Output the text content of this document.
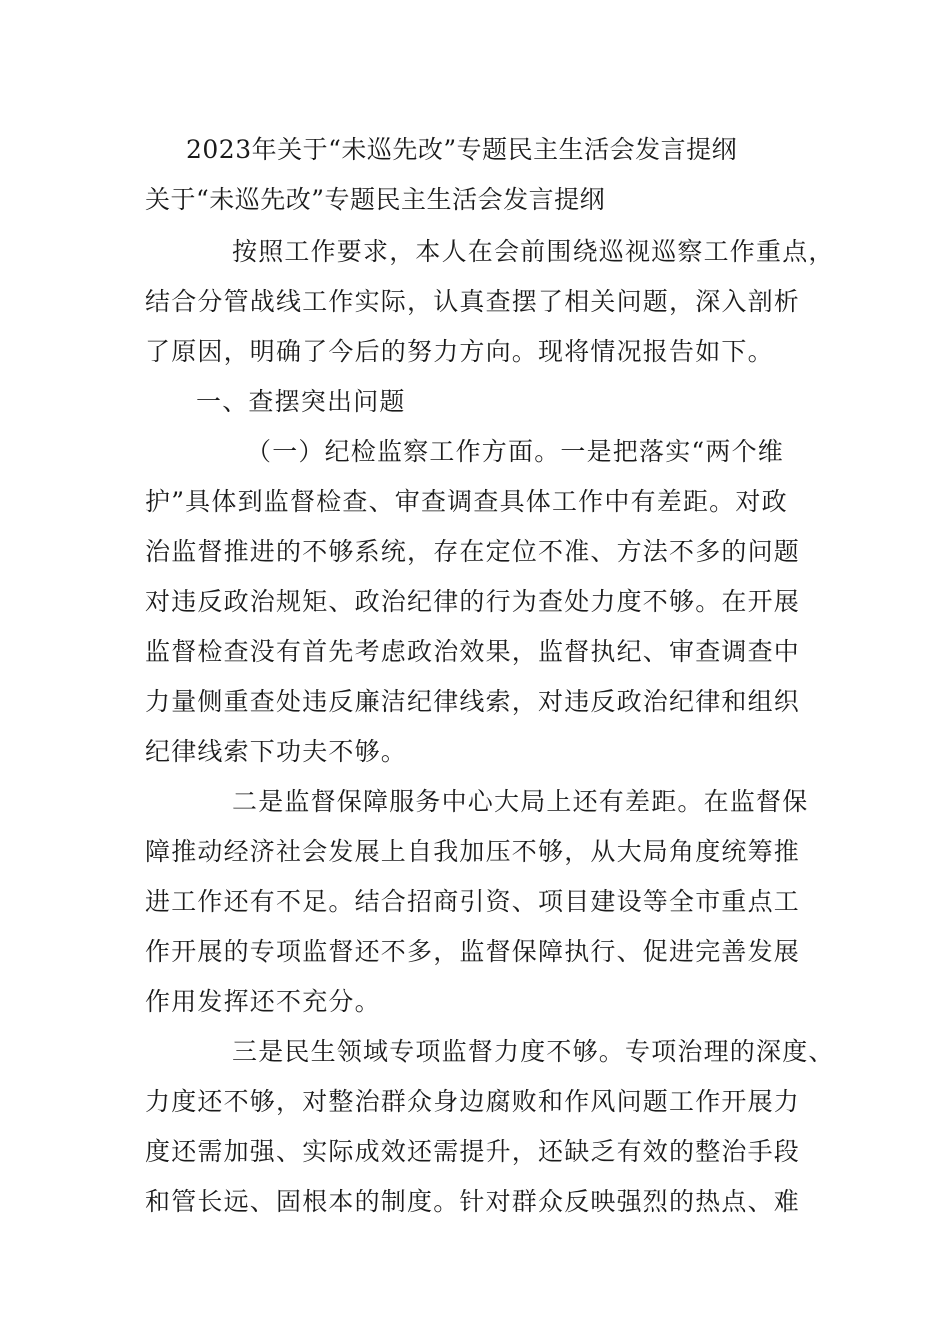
2023年关于“未巡先改”专题民主生活会发言提纲
关于“未巡先改”专题民主生活会发言提纲
按照工作要求，本人在会前围绕巡视巡察工作重点，
结合分管战线工作实际，认真查摆了相关问题，深入剖析
了原因，明确了今后的努力方向。现将情况报告如下。
一、查摆突出问题
（一）纪检监察工作方面。一是把落实“两个维
护”具体到监督检查、审查调查具体工作中有差距。对政
治监督推进的不够系统，存在定位不准、方法不多的问题
对违反政治规矩、政治纪律的行为查处力度不够。在开展
监督检查没有首先考虑政治效果，监督执纪、审查调查中
力量侧重查处违反廉洁纪律线索，对违反政治纪律和组织
纪律线索下功夫不够。
二是监督保障服务中心大局上还有差距。在监督保
障推动经济社会发展上自我加压不够，从大局角度统筹推
进工作还有不足。结合招商引资、项目建设等全市重点工
作开展的专项监督还不多，监督保障执行、促进完善发展
作用发挥还不充分。
三是民生领域专项监督力度不够。专项治理的深度、
力度还不够，对整治群众身边腐败和作风问题工作开展力
度还需加强、实际成效还需提升，还缺乏有效的整治手段
和管长远、固根本的制度。针对群众反映强烈的热点、难
